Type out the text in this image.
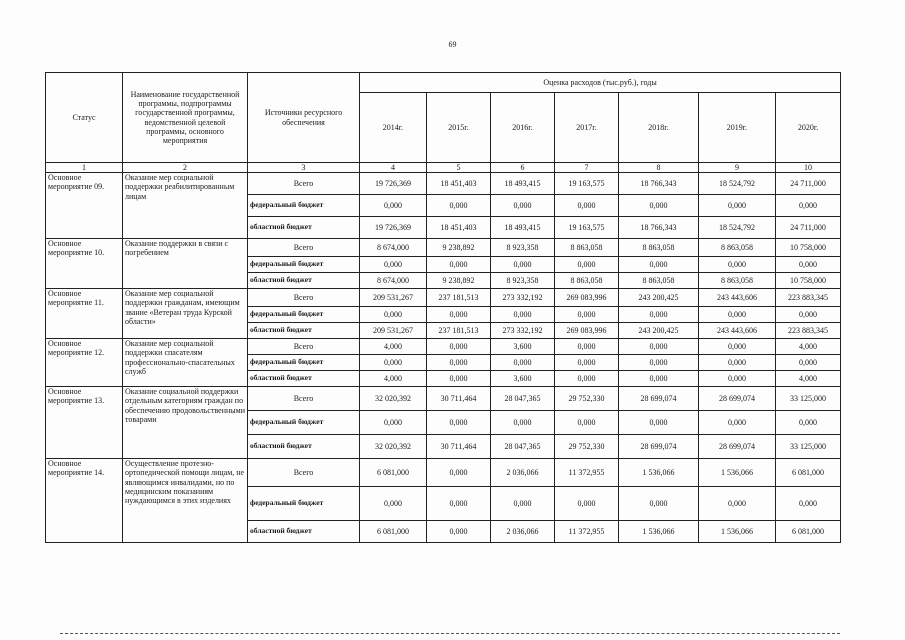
69
Статус	Наименование государственной программы, подпрограммы государственной программы, ведомственной целевой программы, основного мероприятия	Источники ресурсного обеспечения	Оценка расходов (тыс.руб.), годы						
			2014г.	2015г.	2016г.	2017г.	2018г.	2019г.	2020г.
1	2	3	4	5	6	7	8	9	10
Основное мероприятие 09.	Оказание мер социальной поддержки реабилитированным лицам	Всего	19 726,369	18 451,403	18 493,415	19 163,575	18 766,343	18 524,792	24 711,000
		федеральный бюджет	0,000	0,000	0,000	0,000	0,000	0,000	0,000
		областной бюджет	19 726,369	18 451,403	18 493,415	19 163,575	18 766,343	18 524,792	24 711,000
Основное мероприятие 10.	Оказание поддержки в связи с погребением	Всего	8 674,000	9 238,892	8 923,358	8 863,058	8 863,058	8 863,058	10 758,000
		федеральный бюджет	0,000	0,000	0,000	0,000	0,000	0,000	0,000
		областной бюджет	8 674,000	9 238,892	8 923,358	8 863,058	8 863,058	8 863,058	10 758,000
Основное мероприятие 11.	Оказание мер социальной поддержки гражданам, имеющим звание «Ветеран труда Курской области»	Всего	209 531,267	237 181,513	273 332,192	269 083,996	243 200,425	243 443,606	223 883,345
		федеральный бюджет	0,000	0,000	0,000	0,000	0,000	0,000	0,000
		областной бюджет	209 531,267	237 181,513	273 332,192	269 083,996	243 200,425	243 443,606	223 883,345
Основное мероприятие 12.	Оказание мер социальной поддержки спасателям профессионально-спасательных служб	Всего	4,000	0,000	3,600	0,000	0,000	0,000	4,000
		федеральный бюджет	0,000	0,000	0,000	0,000	0,000	0,000	0,000
		областной бюджет	4,000	0,000	3,600	0,000	0,000	0,000	4,000
Основное мероприятие 13.	Оказание социальной поддержки отдельным категориям граждан по обеспечению продовольственными товарами	Всего	32 020,392	30 711,464	28 047,365	29 752,330	28 699,074	28 699,074	33 125,000
		федеральный бюджет	0,000	0,000	0,000	0,000	0,000	0,000	0,000
		областной бюджет	32 020,392	30 711,464	28 047,365	29 752,330	28 699,074	28 699,074	33 125,000
Основное мероприятие 14.	Осуществление протезно-ортопедической помощи лицам, не являющимся инвалидами, но по медицинским показаниям нуждающимся в этих изделиях	Всего	6 081,000	0,000	2 036,066	11 372,955	1 536,066	1 536,066	6 081,000
		федеральный бюджет	0,000	0,000	0,000	0,000	0,000	0,000	0,000
		областной бюджет	6 081,000	0,000	2 036,066	11 372,955	1 536,066	1 536,066	6 081,000
